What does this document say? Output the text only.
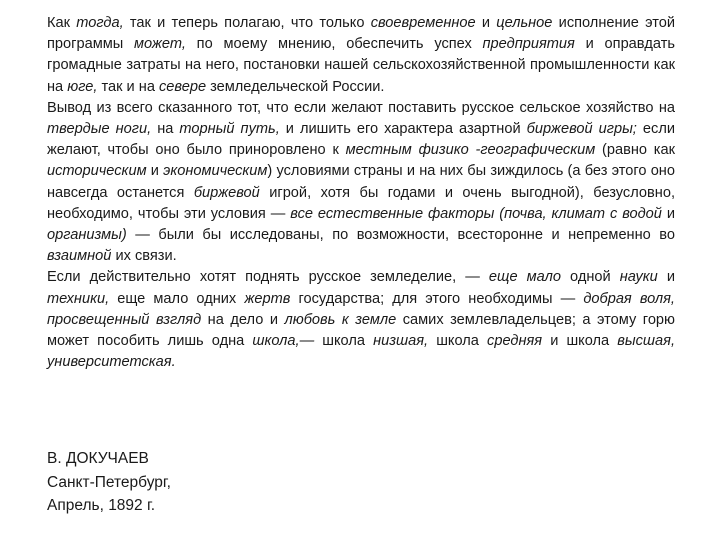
Как тогда, так и теперь полагаю, что только своевременное и цельное исполнение этой программы может, по моему мнению, обеспечить успех предприятия и оправдать громадные затраты на него, постановки нашей сельскохозяйственной промышленности как на юге, так и на севере земледельческой России.

Вывод из всего сказанного тот, что если желают поставить русское сельское хозяйство на твердые ноги, на торный путь, и лишить его характера азартной биржевой игры; если желают, чтобы оно было приноровлено к местным физико -географическим (равно как историческим и экономическим) условиями страны и на них бы зиждилось (а без этого оно навсегда останется биржевой игрой, хотя бы годами и очень выгодной), безусловно, необходимо, чтобы эти условия — все естественные факторы (почва, климат с водой и организмы) — были бы исследованы, по возможности, всесторонне и непременно во взаимной их связи.

Если действительно хотят поднять русское земледелие, — еще мало одной науки и техники, еще мало одних жертв государства; для этого необходимы — добрая воля, просвещенный взгляд на дело и любовь к земле самих землевладельцев; а этому горю может пособить лишь одна школа,— школа низшая, школа средняя и школа высшая, университетская.

В. ДОКУЧАЕВ
Санкт-Петербург,
Апрель, 1892 г.
